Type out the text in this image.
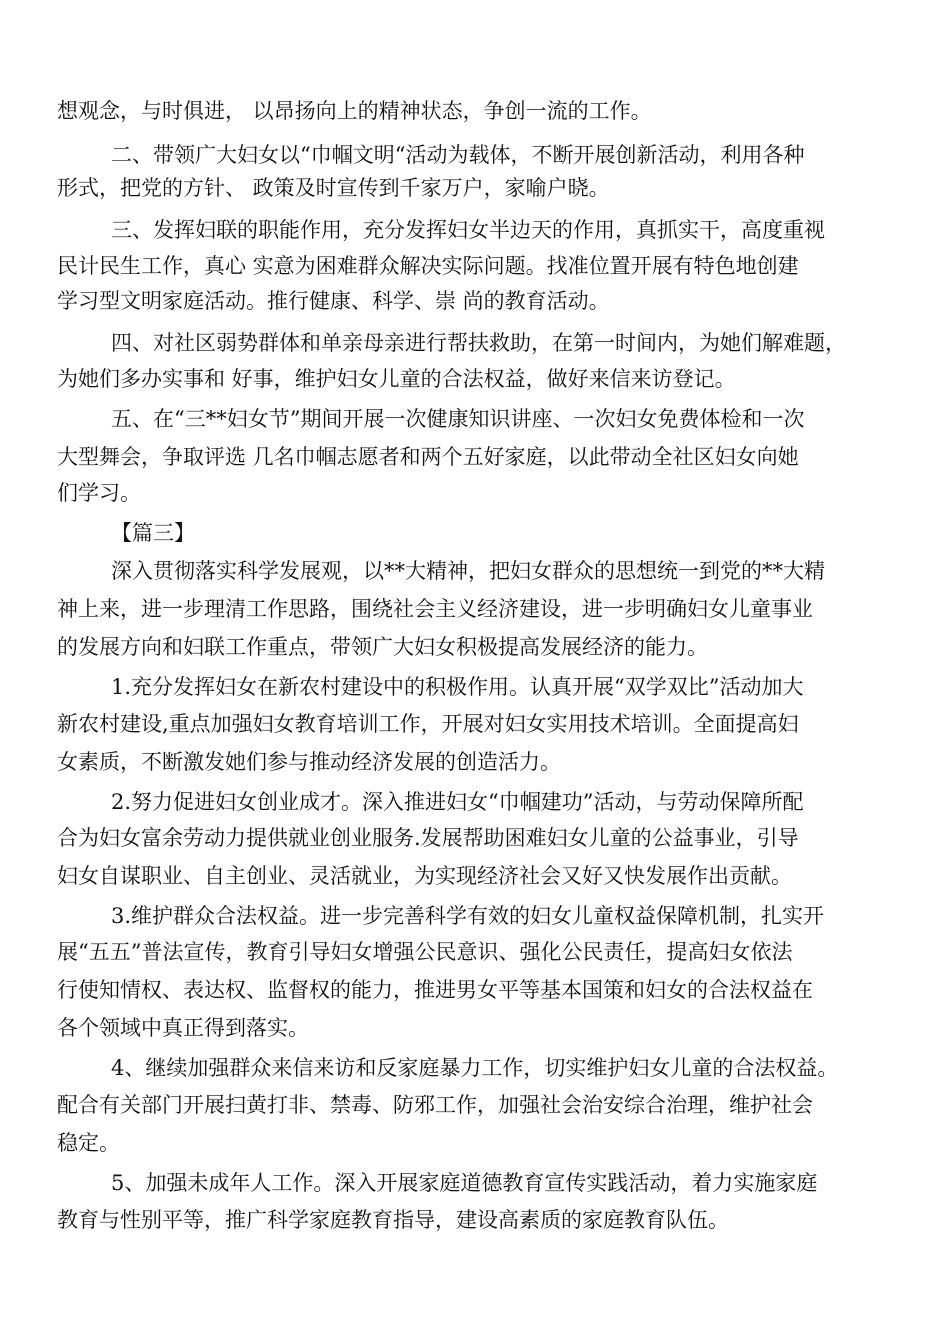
想观念，与时俱进， 以昂扬向上的精神状态，争创一流的工作。
二、带领广大妇女以“巾帼文明“活动为载体，不断开展创新活动，利用各种
形式，把党的方针、 政策及时宣传到千家万户，家喻户晓。
三、发挥妇联的职能作用，充分发挥妇女半边天的作用，真抓实干，高度重视
民计民生工作，真心 实意为困难群众解决实际问题。找准位置开展有特色地创建
学习型文明家庭活动。推行健康、科学、崇 尚的教育活动。
四、对社区弱势群体和单亲母亲进行帮扶救助，在第一时间内，为她们解难题，
为她们多办实事和 好事，维护妇女儿童的合法权益，做好来信来访登记。
五、在“三**妇女节”期间开展一次健康知识讲座、一次妇女免费体检和一次
大型舞会，争取评选 几名巾帼志愿者和两个五好家庭，以此带动全社区妇女向她
们学习。
【篇三】
深入贯彻落实科学发展观，以**大精神，把妇女群众的思想统一到党的**大精
神上来，进一步理清工作思路，围绕社会主义经济建设，进一步明确妇女儿童事业
的发展方向和妇联工作重点，带领广大妇女积极提高发展经济的能力。
1.充分发挥妇女在新农村建设中的积极作用。认真开展“双学双比”活动加大
新农村建设,重点加强妇女教育培训工作，开展对妇女实用技术培训。全面提高妇
女素质，不断激发她们参与推动经济发展的创造活力。
2.努力促进妇女创业成才。深入推进妇女“巾帼建功”活动，与劳动保障所配
合为妇女富余劳动力提供就业创业服务.发展帮助困难妇女儿童的公益事业，引导
妇女自谋职业、自主创业、灵活就业，为实现经济社会又好又快发展作出贡献。
3.维护群众合法权益。进一步完善科学有效的妇女儿童权益保障机制，扎实开
展“五五”普法宣传，教育引导妇女增强公民意识、强化公民责任，提高妇女依法
行使知情权、表达权、监督权的能力，推进男女平等基本国策和妇女的合法权益在
各个领域中真正得到落实。
4、继续加强群众来信来访和反家庭暴力工作，切实维护妇女儿童的合法权益。
配合有关部门开展扫黄打非、禁毒、防邪工作，加强社会治安综合治理，维护社会
稳定。
5、加强未成年人工作。深入开展家庭道德教育宣传实践活动，着力实施家庭
教育与性别平等，推广科学家庭教育指导，建设高素质的家庭教育队伍。
